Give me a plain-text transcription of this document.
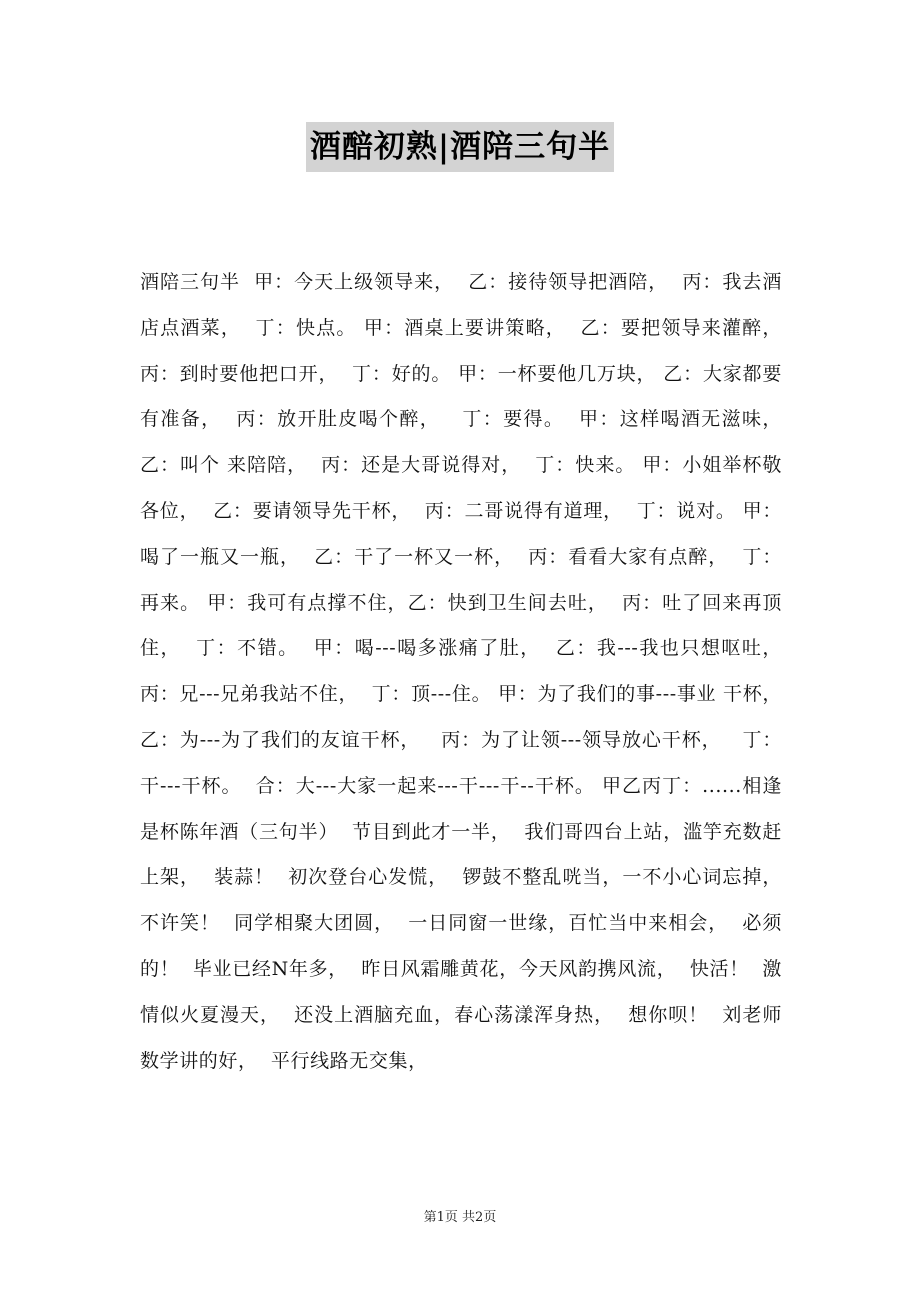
酒醅初熟|酒陪三句半
酒陪三句半  甲：今天上级领导来，  乙：接待领导把酒陪，  丙：我去酒店点酒菜，  丁：快点。 甲：酒桌上要讲策略，  乙：要把领导来灌醉，  丙：到时要他把口开，  丁：好的。 甲：一杯要他几万块， 乙：大家都要有准备，  丙：放开肚皮喝个醉，   丁：要得。  甲：这样喝酒无滋味，  乙：叫个 来陪陪，  丙：还是大哥说得对，  丁：快来。 甲：小姐举杯敬各位，  乙：要请领导先干杯，  丙：二哥说得有道理，  丁：说对。 甲：喝了一瓶又一瓶，  乙：干了一杯又一杯，  丙：看看大家有点醉，  丁：再来。 甲：我可有点撑不住，乙：快到卫生间去吐，  丙：吐了回来再顶住，  丁：不错。  甲：喝---喝多涨痛了肚，  乙：我---我也只想呕吐，  丙：兄---兄弟我站不住，  丁：顶---住。 甲：为了我们的事---事业 干杯，  乙：为---为了我们的友谊干杯，   丙：为了让领---领导放心干杯，   丁：干---干杯。  合：大---大家一起来---干---干--干杯。 甲乙丙丁：......相逢是杯陈年酒（三句半）  节目到此才一半，  我们哥四台上站，滥竽充数赶上架，  装蒜！  初次登台心发慌，  锣鼓不整乱咣当，一不小心词忘掉，  不许笑！  同学相聚大团圆，  一日同窗一世缘，百忙当中来相会，  必须的！  毕业已经N年多，  昨日风霜雕黄花，今天风韵携风流，  快活！  激情似火夏漫天，  还没上酒脑充血，春心荡漾浑身热，  想你呗！  刘老师数学讲的好，  平行线路无交集，
第1页 共2页
